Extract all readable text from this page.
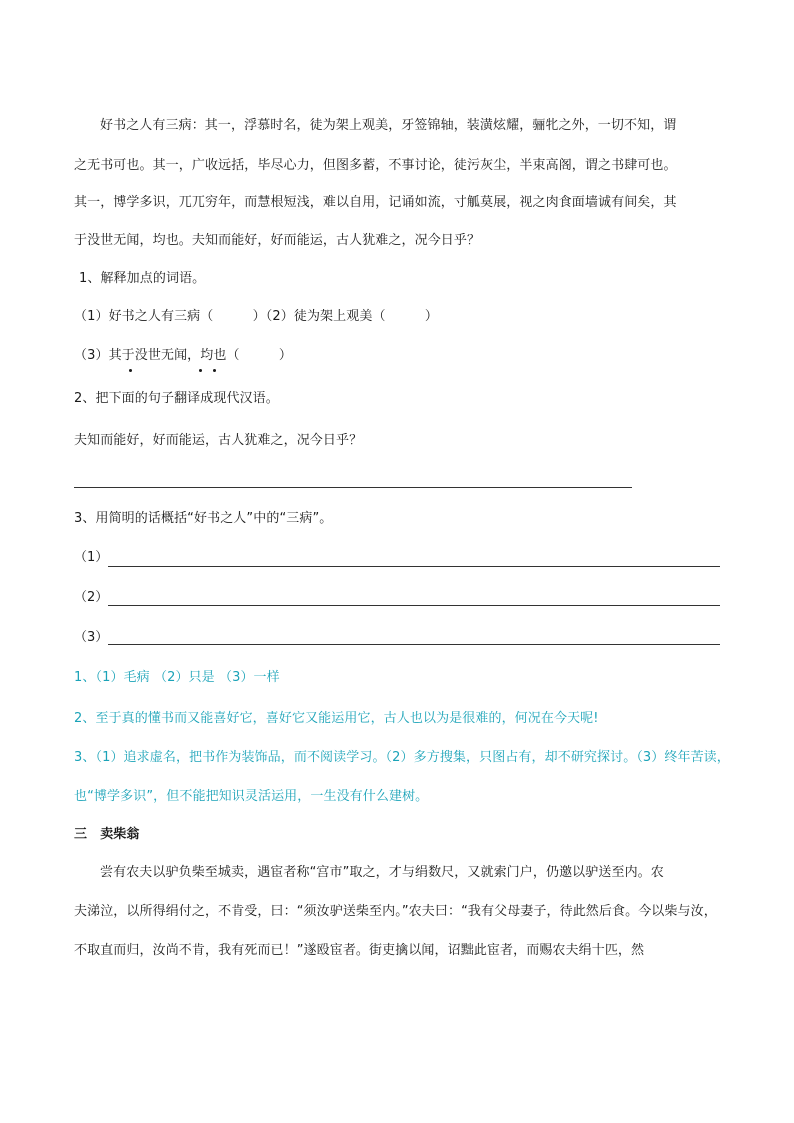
好书之人有三病：其一，浮慕时名，徒为架上观美，牙签锦轴，装潢炫耀，骊牝之外，一切不知，谓
之无书可也。其一，广收远括，毕尽心力，但图多蓄，不事讨论，徒污灰尘，半束高阁，谓之书肆可也。
其一，博学多识，兀兀穷年，而慧根短浅，难以自用，记诵如流，寸觚莫展，视之肉食面墙诚有间矣，其
于没世无闻，均也。夫知而能好，好而能运，古人犹难之，况今日乎？
1、解释加点的词语。
（1）好书之人有三病（　　　）（2）徒为架上观美（　　　）
（3）其于没世无闻，均也（　　　）
2、把下面的句子翻译成现代汉语。
夫知而能好，好而能运，古人犹难之，况今日乎？
3、用简明的话概括“好书之人”中的“三病”。
（1）
（2）
（3）
1、（1）毛病 （2）只是 （3）一样
2、至于真的懂书而又能喜好它，喜好它又能运用它，古人也以为是很难的，何况在今天呢!
3、（1）追求虚名，把书作为装饰品，而不阅读学习。（2）多方搜集，只图占有，却不研究探讨。（3）终年苦读，
也“博学多识”，但不能把知识灵活运用，一生没有什么建树。
三　卖柴翁
尝有农夫以驴负柴至城卖，遇宦者称“宫市”取之，才与绢数尺，又就索门户，仍邀以驴送至内。农
夫涕泣，以所得绢付之，不肯受，曰：“须汝驴送柴至内。”农夫曰：“我有父母妻子，待此然后食。今以柴与汝，
不取直而归，汝尚不肯，我有死而已！”遂殴宦者。街吏擒以闻，诏黜此宦者，而赐农夫绢十匹，然
